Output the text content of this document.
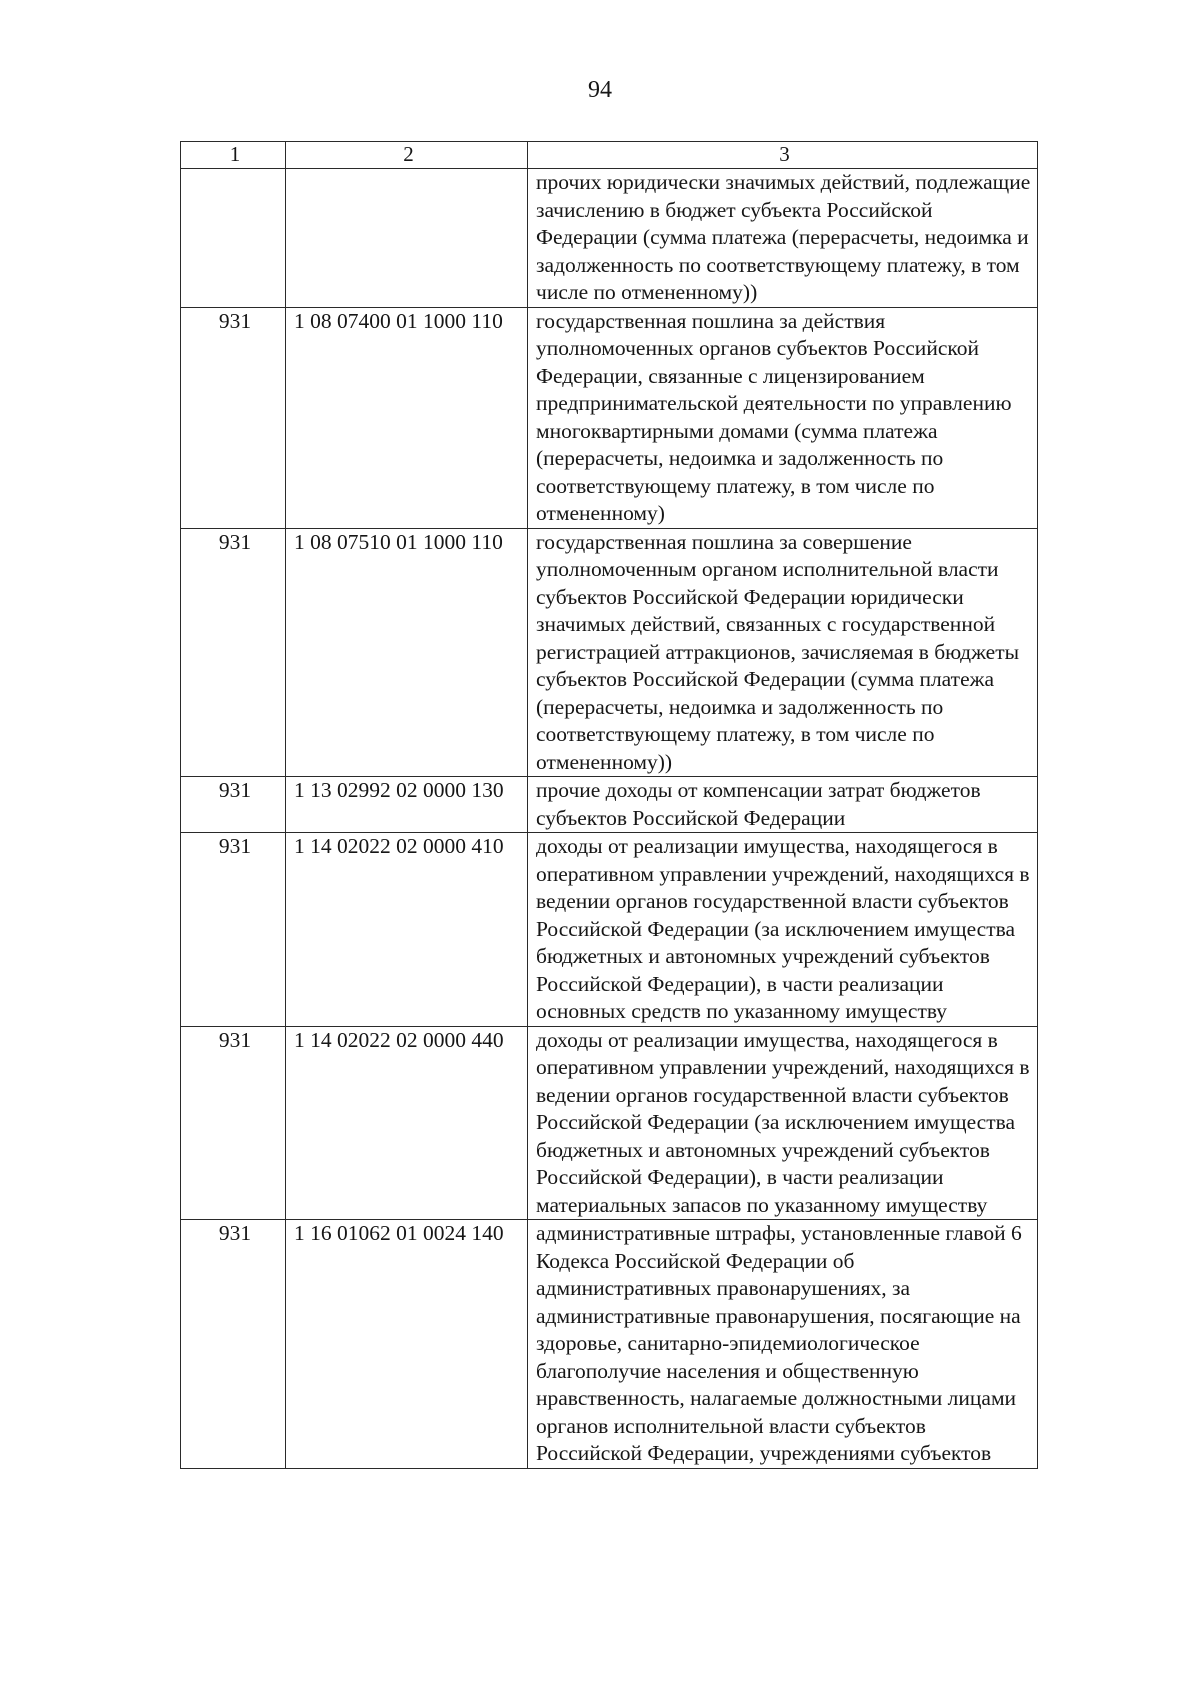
94
1	2	3
		прочих юридически значимых действий, подлежащие зачислению в бюджет субъекта Российской Федерации (сумма платежа (перерасчеты, недоимка и задолженность по соответствующему платежу, в том числе по отмененному))
931	1 08 07400 01 1000 110	государственная пошлина за действия уполномоченных органов субъектов Российской Федерации, связанные с лицензированием предпринимательской деятельности по управлению многоквартирными домами (сумма платежа (перерасчеты, недоимка и задолженность по соответствующему платежу, в том числе по отмененному)
931	1 08 07510 01 1000 110	государственная пошлина за совершение уполномоченным органом исполнительной власти субъектов Российской Федерации юридически значимых действий, связанных с государственной регистрацией аттракционов, зачисляемая в бюджеты субъектов Российской Федерации (сумма платежа (перерасчеты, недоимка и задолженность по соответствующему платежу, в том числе по отмененному))
931	1 13 02992 02 0000 130	прочие доходы от компенсации затрат бюджетов субъектов Российской Федерации
931	1 14 02022 02 0000 410	доходы от реализации имущества, находящегося в оперативном управлении учреждений, находящихся в ведении органов государственной власти субъектов Российской Федерации (за исключением имущества бюджетных и автономных учреждений субъектов Российской Федерации), в части реализации основных средств по указанному имуществу
931	1 14 02022 02 0000 440	доходы от реализации имущества, находящегося в оперативном управлении учреждений, находящихся в ведении органов государственной власти субъектов Российской Федерации (за исключением имущества бюджетных и автономных учреждений субъектов Российской Федерации), в части реализации материальных запасов по указанному имуществу
931	1 16 01062 01 0024 140	административные штрафы, установленные главой 6 Кодекса Российской Федерации об административных правонарушениях, за административные правонарушения, посягающие на здоровье, санитарно-эпидемиологическое благополучие населения и общественную нравственность, налагаемые должностными лицами органов исполнительной власти субъектов Российской Федерации, учреждениями субъектов
